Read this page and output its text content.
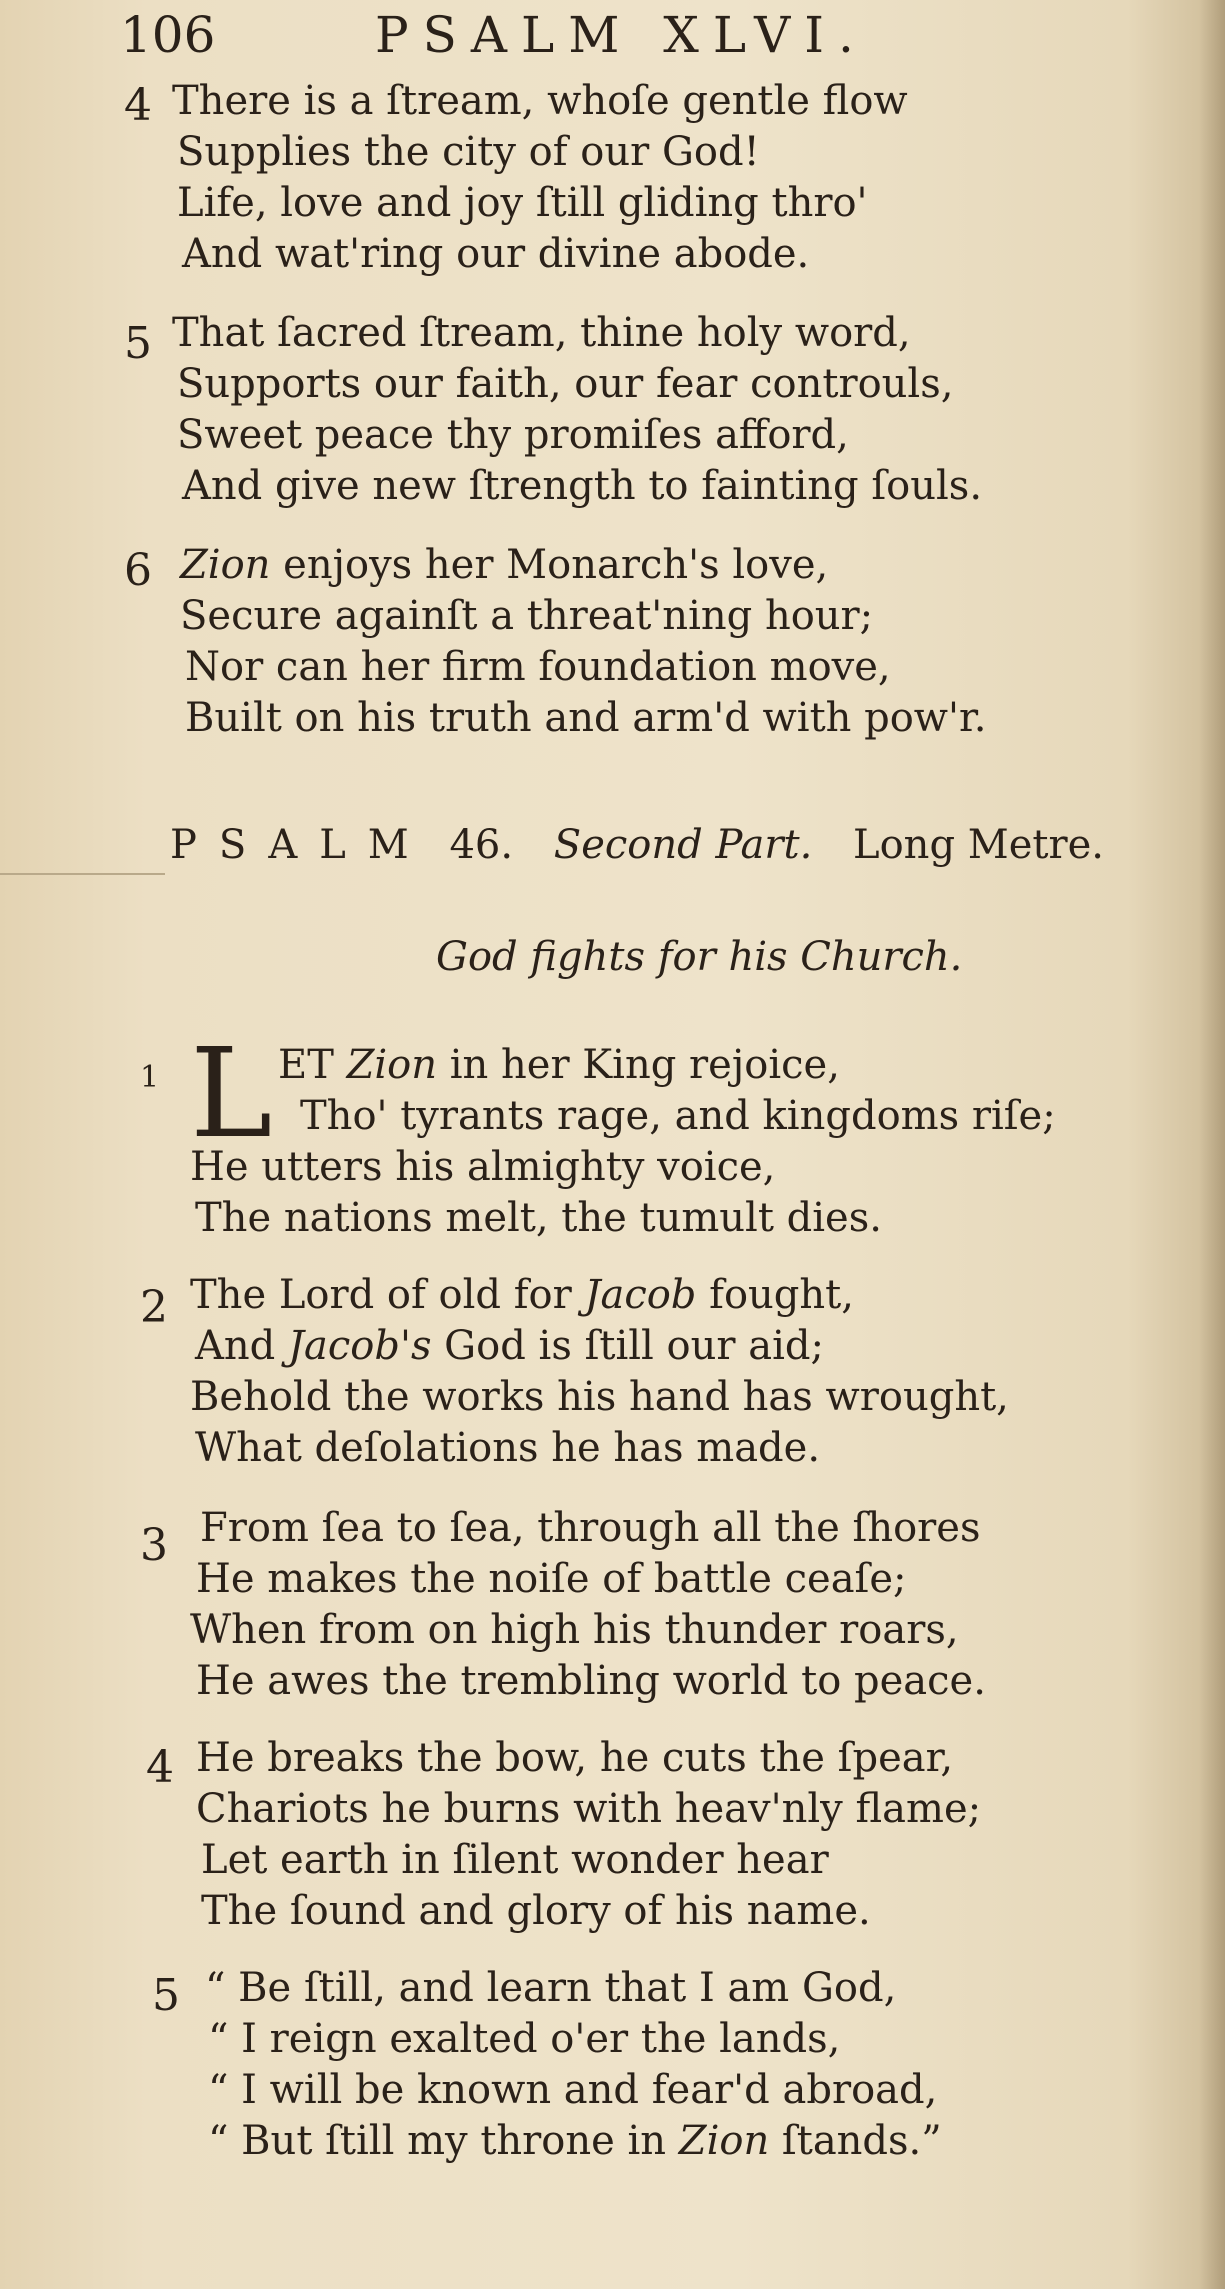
106	PSALM XLVI.
4 There is a ſtream, whoſe gentle flow
Supplies the city of our God!
Life, love and joy ſtill gliding thro'
And wat'ring our divine abode.
5 That ſacred ſtream, thine holy word,
Supports our faith, our fear controuls,
Sweet peace thy promiſes afford,
And give new ſtrength to fainting ſouls.
6 Zion enjoys her Monarch's love,
Secure againſt a threat'ning hour;
Nor can her firm foundation move,
Built on his truth and arm'd with pow'r.
PSALM 46. Second Part. Long Metre.
God fights for his Church.
1 L ET Zion in her King rejoice,
Tho' tyrants rage, and kingdoms riſe;
He utters his almighty voice,
The nations melt, the tumult dies.
2 The Lord of old for Jacob fought,
And Jacob's God is ſtill our aid;
Behold the works his hand has wrought,
What deſolations he has made.
3 From ſea to ſea, through all the ſhores
He makes the noiſe of battle ceaſe;
When from on high his thunder roars,
He awes the trembling world to peace.
4 He breaks the bow, he cuts the ſpear,
Chariots he burns with heav'nly flame;
Let earth in ſilent wonder hear
The ſound and glory of his name.
5 “ Be ſtill, and learn that I am God,
“ I reign exalted o'er the lands,
“ I will be known and fear'd abroad,
“ But ſtill my throne in Zion ſtands.”
